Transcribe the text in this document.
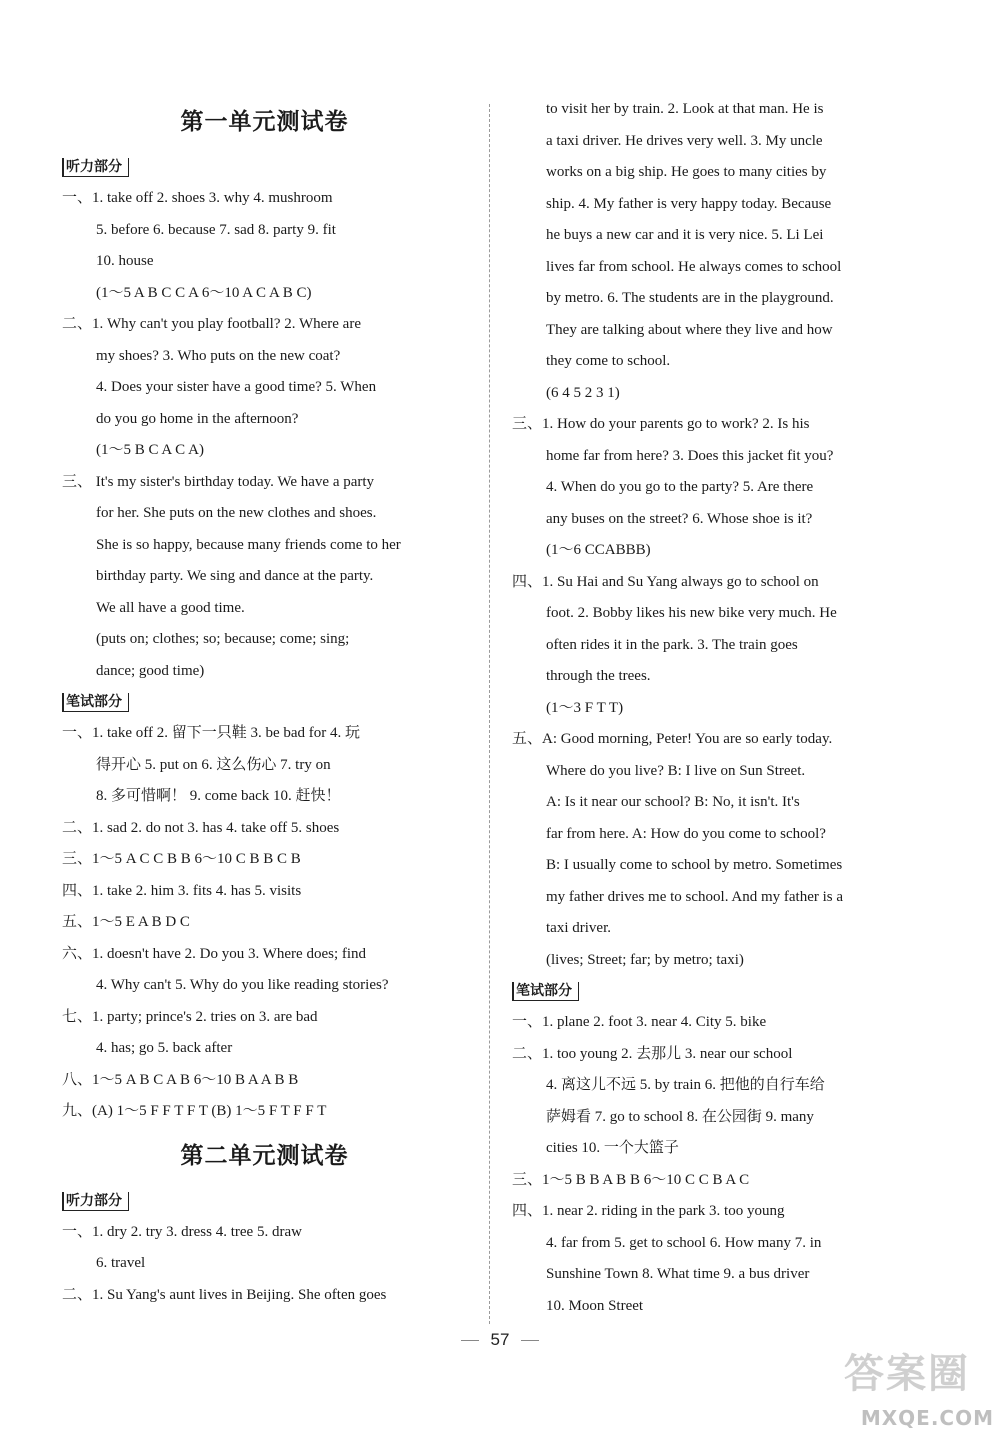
第一单元测试卷
听力部分
一、1. take off 2. shoes 3. why 4. mushroom
5. before 6. because 7. sad 8. party 9. fit
10. house
(1～5 A B C C A 6～10 A C A B C)
二、1. Why can't you play football? 2. Where are
my shoes? 3. Who puts on the new coat?
4. Does your sister have a good time? 5. When
do you go home in the afternoon?
(1～5 B C A C A)
三、 It's my sister's birthday today. We have a party
for her. She puts on the new clothes and shoes.
She is so happy, because many friends come to her
birthday party. We sing and dance at the party.
We all have a good time.
(puts on; clothes; so; because; come; sing;
dance; good time)
笔试部分
一、1. take off 2. 留下一只鞋 3. be bad for 4. 玩
得开心 5. put on 6. 这么伤心 7. try on
8. 多可惜啊！ 9. come back 10. 赶快！
二、1. sad 2. do not 3. has 4. take off 5. shoes
三、1～5 A C C B B 6～10 C B B C B
四、1. take 2. him 3. fits 4. has 5. visits
五、1～5 E A B D C
六、1. doesn't have 2. Do you 3. Where does; find
4. Why can't 5. Why do you like reading stories?
七、1. party; prince's 2. tries on 3. are bad
4. has; go 5. back after
八、1～5 A B C A B 6～10 B A A B B
九、(A) 1～5 F F T F T (B) 1～5 F T F F T
第二单元测试卷
听力部分
一、1. dry 2. try 3. dress 4. tree 5. draw
6. travel
二、1. Su Yang's aunt lives in Beijing. She often goes
to visit her by train. 2. Look at that man. He is
a taxi driver. He drives very well. 3. My uncle
works on a big ship. He goes to many cities by
ship. 4. My father is very happy today. Because
he buys a new car and it is very nice. 5. Li Lei
lives far from school. He always comes to school
by metro. 6. The students are in the playground.
They are talking about where they live and how
they come to school.
(6 4 5 2 3 1)
三、1. How do your parents go to work? 2. Is his
home far from here? 3. Does this jacket fit you?
4. When do you go to the party? 5. Are there
any buses on the street? 6. Whose shoe is it?
(1～6 CCABBB)
四、1. Su Hai and Su Yang always go to school on
foot. 2. Bobby likes his new bike very much. He
often rides it in the park. 3. The train goes
through the trees.
(1～3 F T T)
五、A: Good morning, Peter! You are so early today.
Where do you live? B: I live on Sun Street.
A: Is it near our school? B: No, it isn't. It's
far from here. A: How do you come to school?
B: I usually come to school by metro. Sometimes
my father drives me to school. And my father is a
taxi driver.
(lives; Street; far; by metro; taxi)
笔试部分
一、1. plane 2. foot 3. near 4. City 5. bike
二、1. too young 2. 去那儿 3. near our school
4. 离这儿不远 5. by train 6. 把他的自行车给
萨姆看 7. go to school 8. 在公园街 9. many
cities 10. 一个大篮子
三、1～5 B B A B B 6～10 C C B A C
四、1. near 2. riding in the park 3. too young
4. far from 5. get to school 6. How many 7. in
Sunshine Town 8. What time 9. a bus driver
10. Moon Street
57
答案圈
MXQE.COM
